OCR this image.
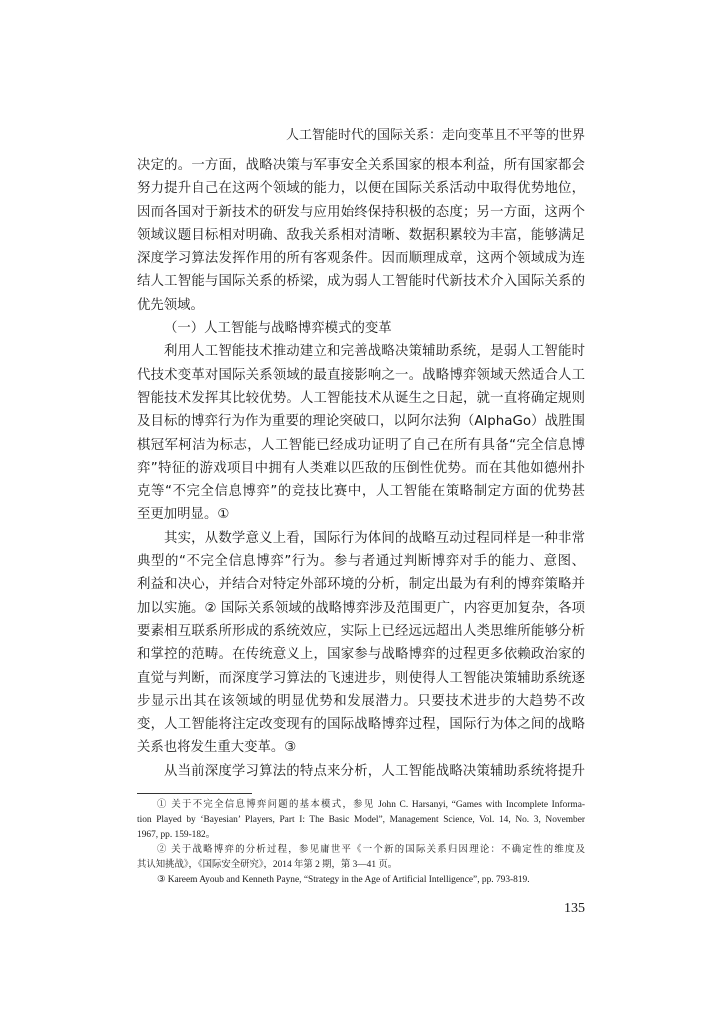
人工智能时代的国际关系：走向变革且不平等的世界
决定的。一方面，战略决策与军事安全关系国家的根本利益，所有国家都会
努力提升自己在这两个领域的能力，以便在国际关系活动中取得优势地位，
因而各国对于新技术的研发与应用始终保持积极的态度；另一方面，这两个
领域议题目标相对明确、敌我关系相对清晰、数据积累较为丰富，能够满足
深度学习算法发挥作用的所有客观条件。因而顺理成章，这两个领域成为连
结人工智能与国际关系的桥梁，成为弱人工智能时代新技术介入国际关系的
优先领域。
（一）人工智能与战略博弈模式的变革
利用人工智能技术推动建立和完善战略决策辅助系统，是弱人工智能时
代技术变革对国际关系领域的最直接影响之一。战略博弈领域天然适合人工
智能技术发挥其比较优势。人工智能技术从诞生之日起，就一直将确定规则
及目标的博弈行为作为重要的理论突破口，以阿尔法狗（AlphaGo）战胜围
棋冠军柯洁为标志，人工智能已经成功证明了自己在所有具备“完全信息博
弈”特征的游戏项目中拥有人类难以匹敌的压倒性优势。而在其他如德州扑
克等“不完全信息博弈”的竞技比赛中，人工智能在策略制定方面的优势甚
至更加明显。①
其实，从数学意义上看，国际行为体间的战略互动过程同样是一种非常
典型的“不完全信息博弈”行为。参与者通过判断博弈对手的能力、意图、
利益和决心，并结合对特定外部环境的分析，制定出最为有利的博弈策略并
加以实施。② 国际关系领域的战略博弈涉及范围更广，内容更加复杂，各项
要素相互联系所形成的系统效应，实际上已经远远超出人类思维所能够分析
和掌控的范畴。在传统意义上，国家参与战略博弈的过程更多依赖政治家的
直觉与判断，而深度学习算法的飞速进步，则使得人工智能决策辅助系统逐
步显示出其在该领域的明显优势和发展潜力。只要技术进步的大趋势不改
变，人工智能将注定改变现有的国际战略博弈过程，国际行为体之间的战略
关系也将发生重大变革。③
从当前深度学习算法的特点来分析，人工智能战略决策辅助系统将提升
① 关于不完全信息博弈问题的基本模式，参见 John C. Harsanyi, “Games with Incomplete Informa-
tion Played by ‘Bayesian’ Players, Part I: The Basic Model”, Management Science, Vol. 14, No. 3, November
1967, pp. 159-182。
② 关于战略博弈的分析过程，参见庸世平《一个新的国际关系归因理论：不确定性的维度及
其认知挑战》，《国际安全研究》，2014 年第 2 期，第 3—41 页。
③ Kareem Ayoub and Kenneth Payne, “Strategy in the Age of Artificial Intelligence”, pp. 793-819.
135
